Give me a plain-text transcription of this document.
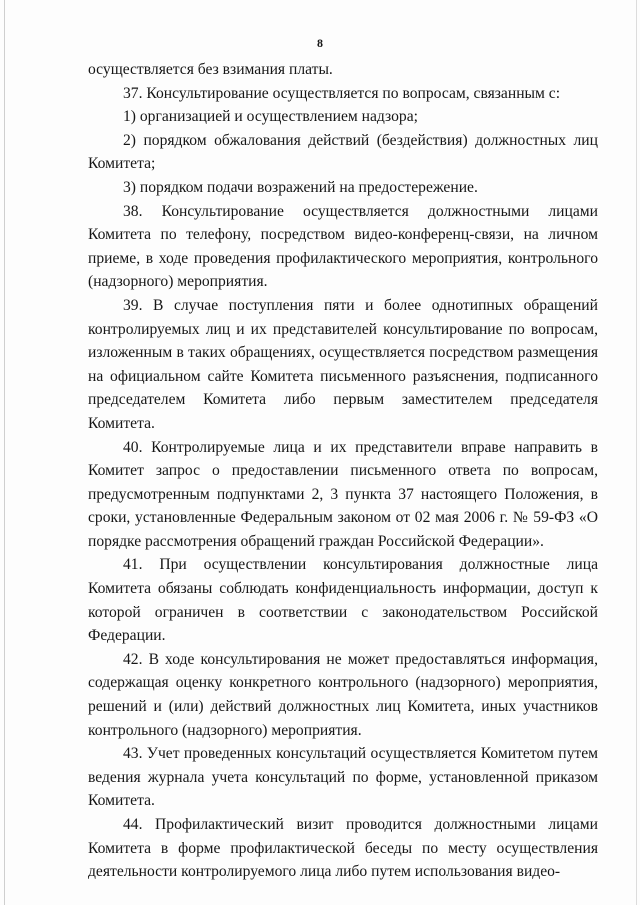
8

осуществляется без взимания платы.

37. Консультирование осуществляется по вопросам, связанным с:

1) организацией и осуществлением надзора;

2) порядком обжалования действий (бездействия) должностных лиц Комитета;

3) порядком подачи возражений на предостережение.

38. Консультирование осуществляется должностными лицами Комитета по телефону, посредством видео-конференц-связи, на личном приеме, в ходе проведения профилактического мероприятия, контрольного (надзорного) мероприятия.

39. В случае поступления пяти и более однотипных обращений контролируемых лиц и их представителей консультирование по вопросам, изложенным в таких обращениях, осуществляется посредством размещения на официальном сайте Комитета письменного разъяснения, подписанного председателем Комитета либо первым заместителем председателя Комитета.

40. Контролируемые лица и их представители вправе направить в Комитет запрос о предоставлении письменного ответа по вопросам, предусмотренным подпунктами 2, 3 пункта 37 настоящего Положения, в сроки, установленные Федеральным законом от 02 мая 2006 г. № 59-ФЗ «О порядке рассмотрения обращений граждан Российской Федерации».

41. При осуществлении консультирования должностные лица Комитета обязаны соблюдать конфиденциальность информации, доступ к которой ограничен в соответствии с законодательством Российской Федерации.

42. В ходе консультирования не может предоставляться информация, содержащая оценку конкретного контрольного (надзорного) мероприятия, решений и (или) действий должностных лиц Комитета, иных участников контрольного (надзорного) мероприятия.

43. Учет проведенных консультаций осуществляется Комитетом путем ведения журнала учета консультаций по форме, установленной приказом Комитета.

44. Профилактический визит проводится должностными лицами Комитета в форме профилактической беседы по месту осуществления деятельности контролируемого лица либо путем использования видео-
